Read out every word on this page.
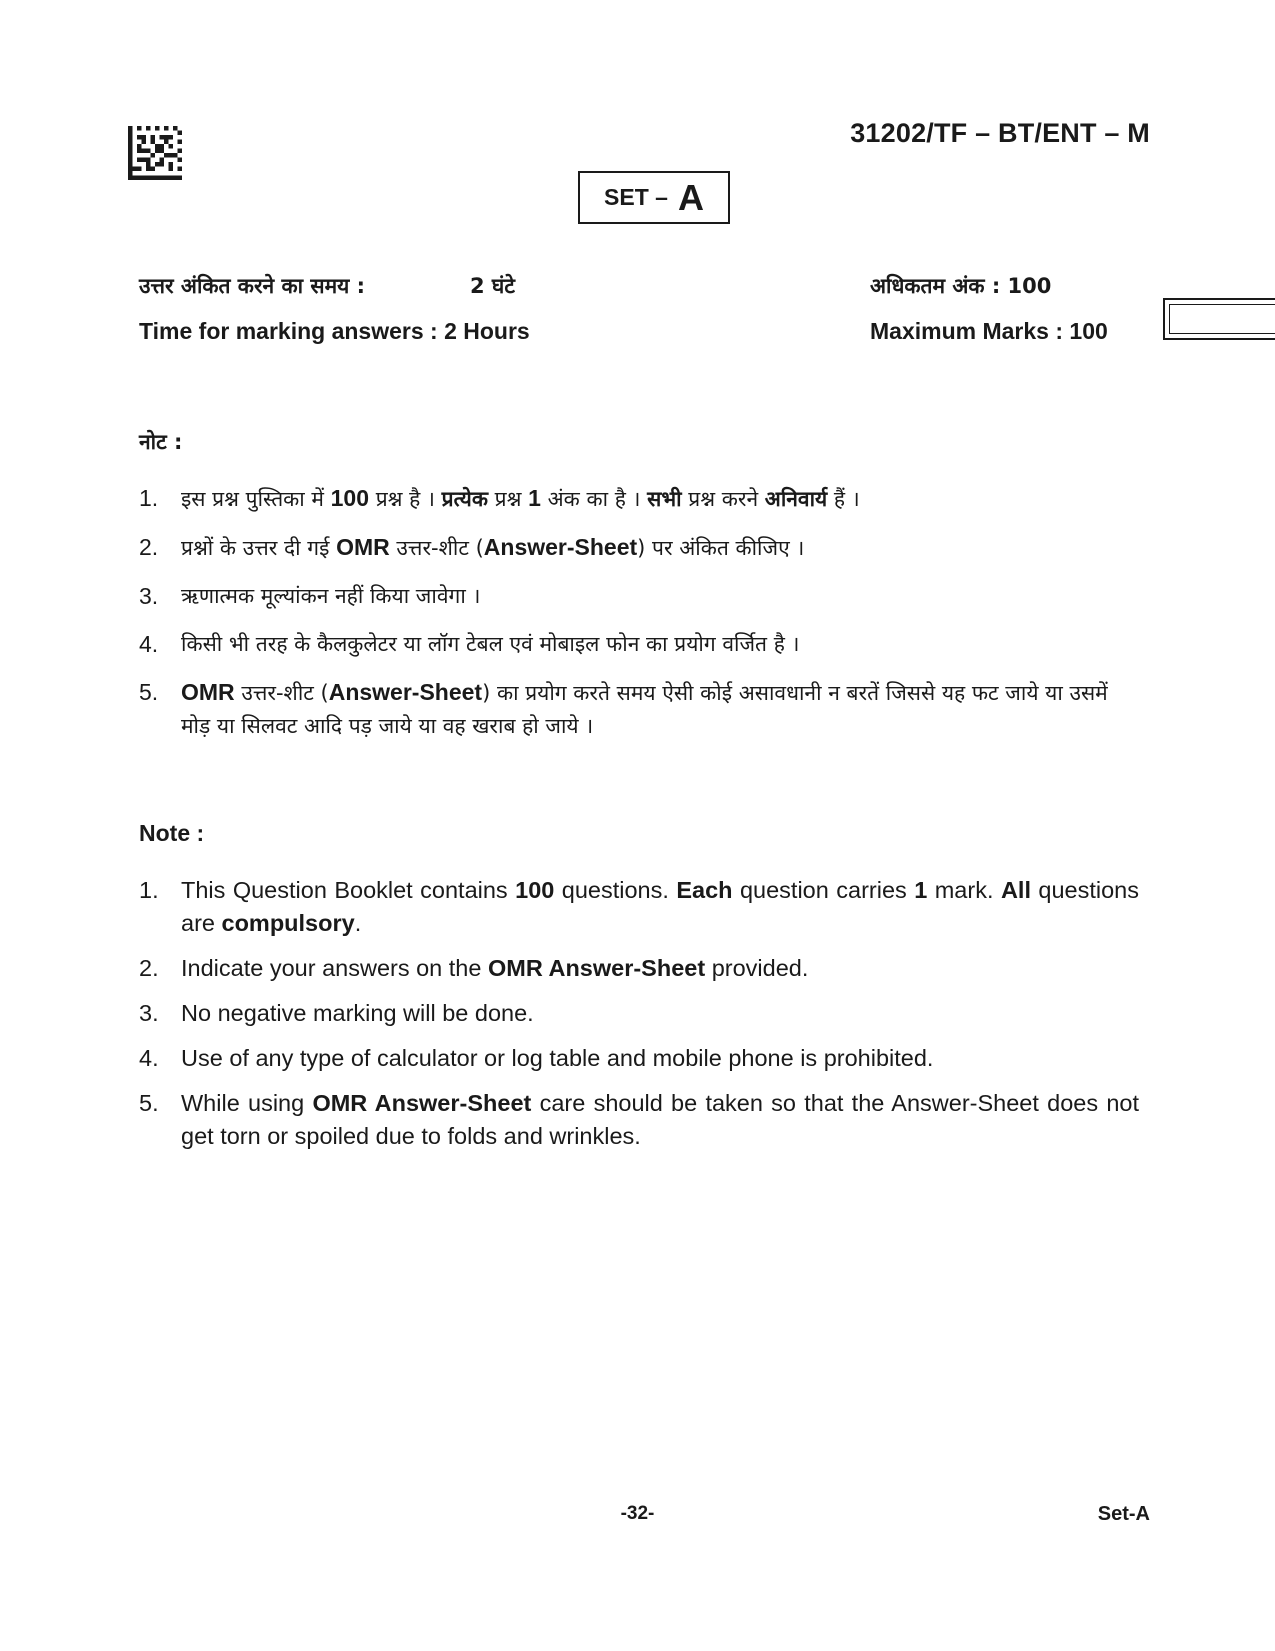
31202/TF – BT/ENT – M
SET – A
उत्तर अंकित करने का समय :	2 घंटे	अधिकतम अंक : 100
Time for marking answers : 2 Hours	Maximum Marks : 100
नोट :
1.	इस प्रश्न पुस्तिका में 100 प्रश्न है । प्रत्येक प्रश्न 1 अंक का है । सभी प्रश्न करने अनिवार्य हैं ।
2.	प्रश्नों के उत्तर दी गई OMR उत्तर-शीट (Answer-Sheet) पर अंकित कीजिए ।
3.	ऋणात्मक मूल्यांकन नहीं किया जावेगा ।
4.	किसी भी तरह के कैलकुलेटर या लॉग टेबल एवं मोबाइल फोन का प्रयोग वर्जित है ।
5. OMR उत्तर-शीट (Answer-Sheet) का प्रयोग करते समय ऐसी कोई असावधानी न बरतें जिससे यह फट जाये या उसमें मोड़ या सिलवट आदि पड़ जाये या वह खराब हो जाये ।
Note :
1. This Question Booklet contains 100 questions. Each question carries 1 mark. All questions are compulsory.
2. Indicate your answers on the OMR Answer-Sheet provided.
3. No negative marking will be done.
4. Use of any type of calculator or log table and mobile phone is prohibited.
5. While using OMR Answer-Sheet care should be taken so that the Answer-Sheet does not get torn or spoiled due to folds and wrinkles.
-32-	Set-A
